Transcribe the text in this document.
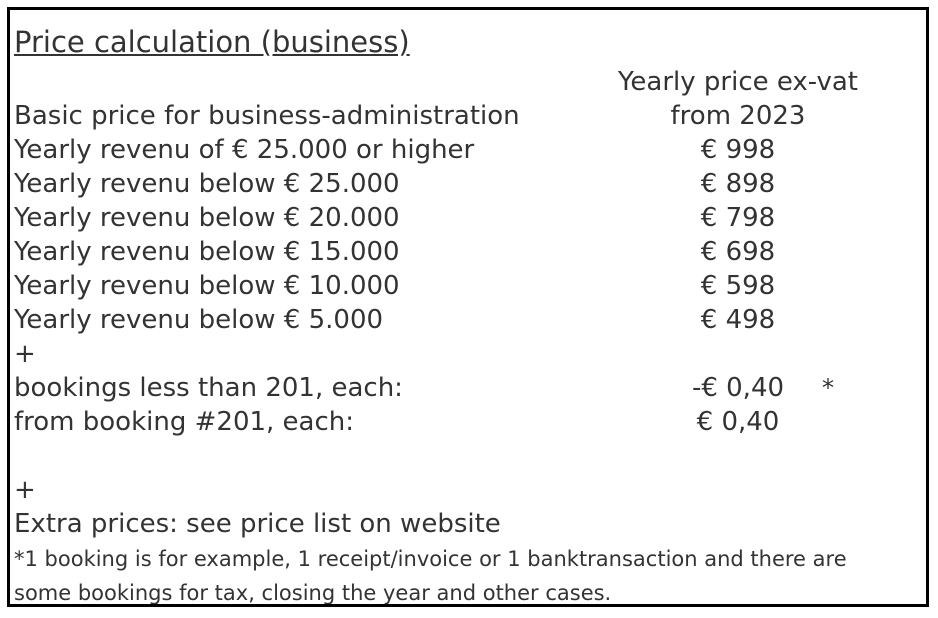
Price calculation (business)
Yearly price ex-vat
from 2023
Basic price for business-administration
Yearly revenu of € 25.000 or higher	€ 998
Yearly revenu below € 25.000	€ 898
Yearly revenu below € 20.000	€ 798
Yearly revenu below € 15.000	€ 698
Yearly revenu below € 10.000	€ 598
Yearly revenu below € 5.000	€ 498
+
bookings less than 201, each:	-€ 0,40	*
from booking #201, each:	€ 0,40
+
Extra prices: see price list on website
*1 booking is for example, 1 receipt/invoice or 1 banktransaction and there are
some bookings for tax, closing the year and other cases.
